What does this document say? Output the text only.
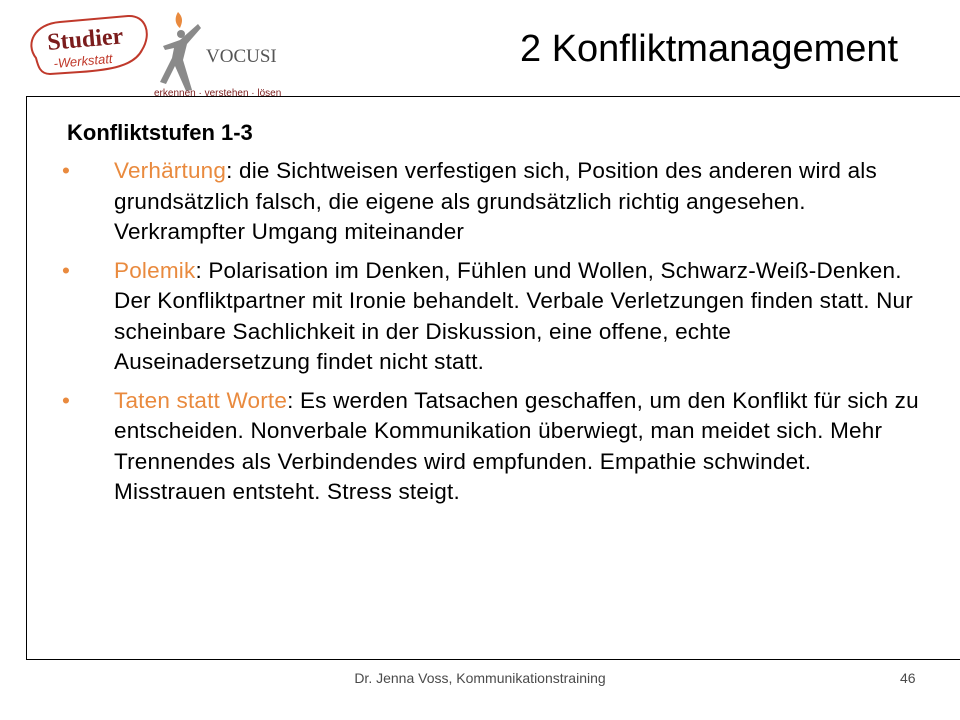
Studier
-Werkstatt	VOCUSI
erkennen · verstehen · lösen
2 Konfliktmanagement
Konfliktstufen 1-3
• Verhärtung: die Sichtweisen verfestigen sich, Position des anderen wird als grundsätzlich falsch, die eigene als grundsätzlich richtig angesehen. Verkrampfter Umgang miteinander
• Polemik: Polarisation im Denken, Fühlen und Wollen, Schwarz-Weiß-Denken. Der Konfliktpartner mit Ironie behandelt. Verbale Verletzungen finden statt. Nur scheinbare Sachlichkeit in der Diskussion, eine offene, echte Auseinadersetzung findet nicht statt.
• Taten statt Worte: Es werden Tatsachen geschaffen, um den Konflikt für sich zu entscheiden. Nonverbale Kommunikation überwiegt, man meidet sich. Mehr Trennendes als Verbindendes wird empfunden. Empathie schwindet. Misstrauen entsteht. Stress steigt.
Dr. Jenna Voss, Kommunikationstraining	46
